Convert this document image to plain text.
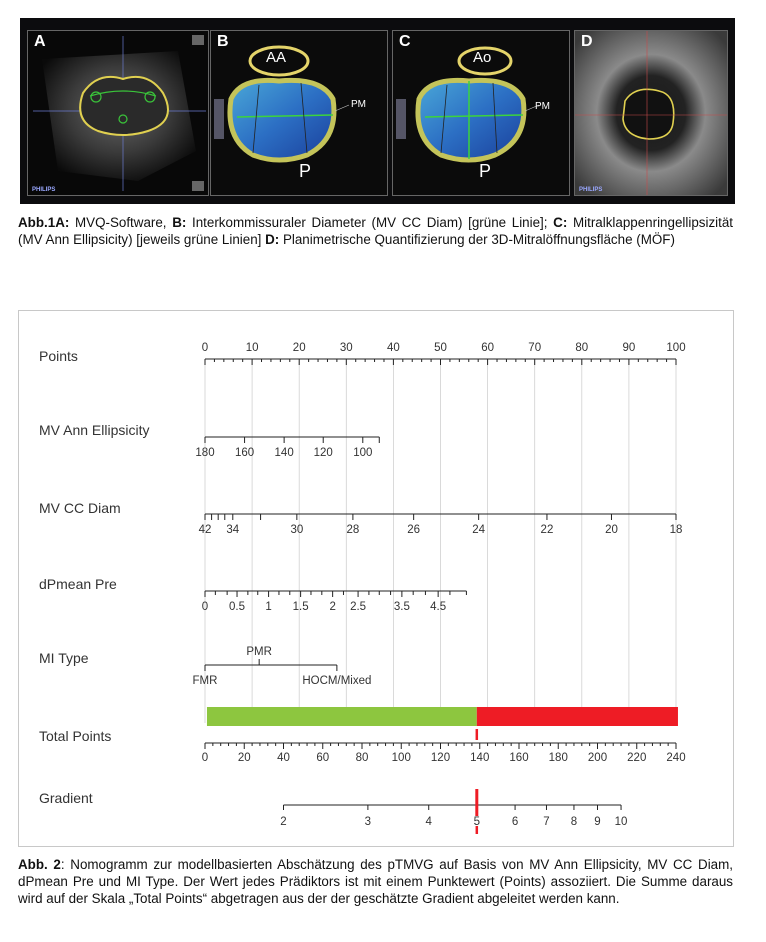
A
PHILIPS
B
AA
PM
P
C
Ao
PM
P
D
PHILIPS
Abb.1A: MVQ-Software, B: Interkommissuraler Diameter (MV CC Diam) [grüne Linie]; C: Mitralklappenringellipsizität (MV Ann Ellipsicity) [jeweils grüne Linien] D: Planimetrische Quantifizierung der 3D-Mitralöffnungsfläche (MÖF)
Points	0	10	20	30	40	50	60	70	80	90	100
MV Ann Ellipsicity
180 160 140 120 100
MV CC Diam
42 34	30	28	26	24	22	20	18
dPmean Pre
0 0.5 1 1.5 2 2.5 3.5 4.5
MI Type
FMR
PMR
HOCM/Mixed
Total Points
0	20 40 60 80 100 120 140 160 180 200 220 240
Gradient
2	3	4	5	6 7 8 9 10
Abb. 2: Nomogramm zur modellbasierten Abschätzung des pTMVG auf Basis von MV Ann Ellipsicity, MV CC Diam, dPmean Pre und MI Type. Der Wert jedes Prädiktors ist mit einem Punktewert (Points) assoziiert. Die Summe daraus wird auf der Skala „Total Points“ abgetragen aus der der geschätzte Gradient abgeleitet werden kann.
